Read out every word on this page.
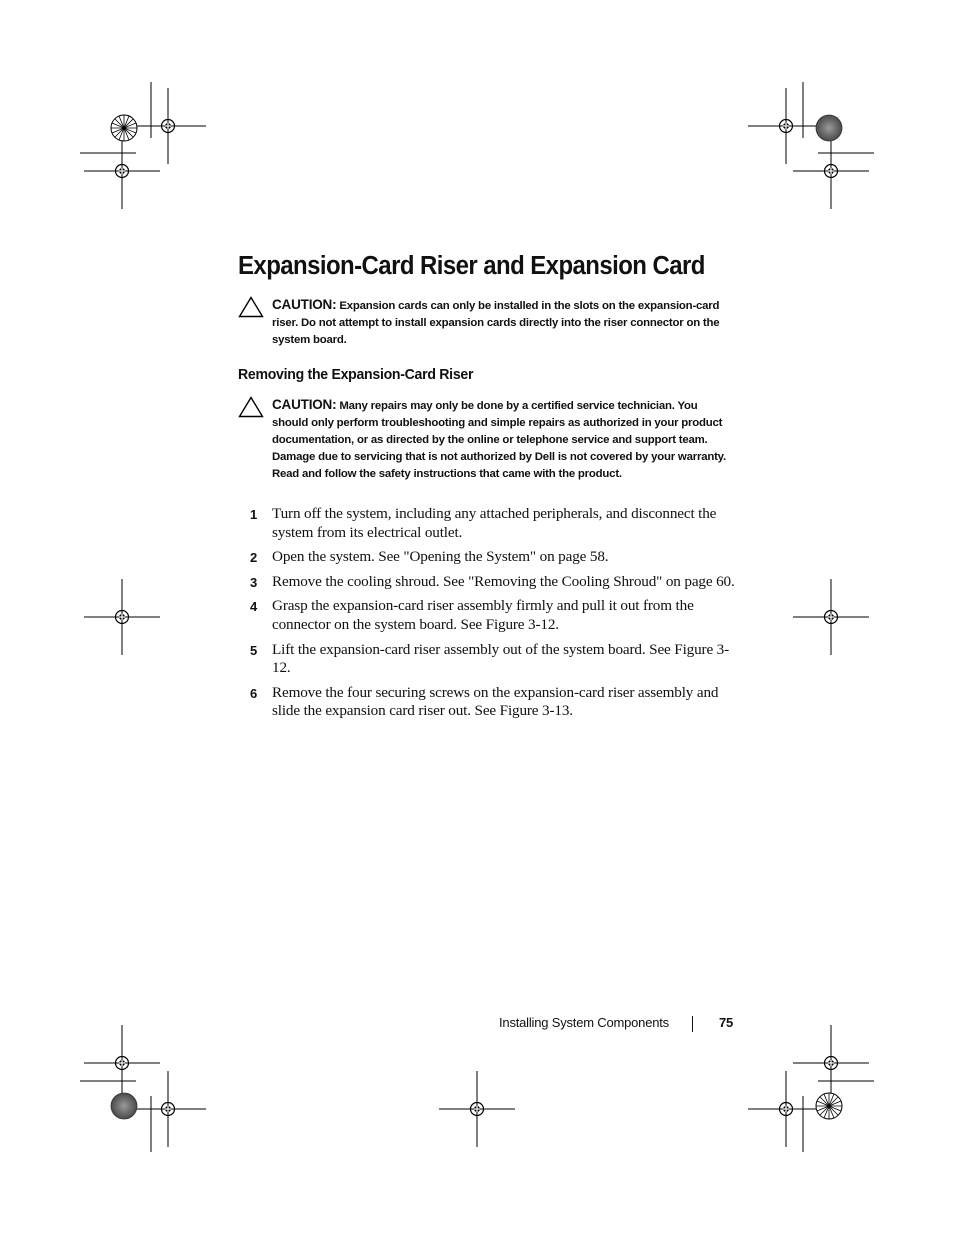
Expansion-Card Riser and Expansion Card
CAUTION: Expansion cards can only be installed in the slots on the expansion-card riser. Do not attempt to install expansion cards directly into the riser connector on the system board.
Removing the Expansion-Card Riser
CAUTION: Many repairs may only be done by a certified service technician. You should only perform troubleshooting and simple repairs as authorized in your product documentation, or as directed by the online or telephone service and support team. Damage due to servicing that is not authorized by Dell is not covered by your warranty. Read and follow the safety instructions that came with the product.
1 Turn off the system, including any attached peripherals, and disconnect the system from its electrical outlet.
2 Open the system. See "Opening the System" on page 58.
3 Remove the cooling shroud. See "Removing the Cooling Shroud" on page 60.
4 Grasp the expansion-card riser assembly firmly and pull it out from the connector on the system board. See Figure 3-12.
5 Lift the expansion-card riser assembly out of the system board. See Figure 3-12.
6 Remove the four securing screws on the expansion-card riser assembly and slide the expansion card riser out. See Figure 3-13.
Installing System Components	75
